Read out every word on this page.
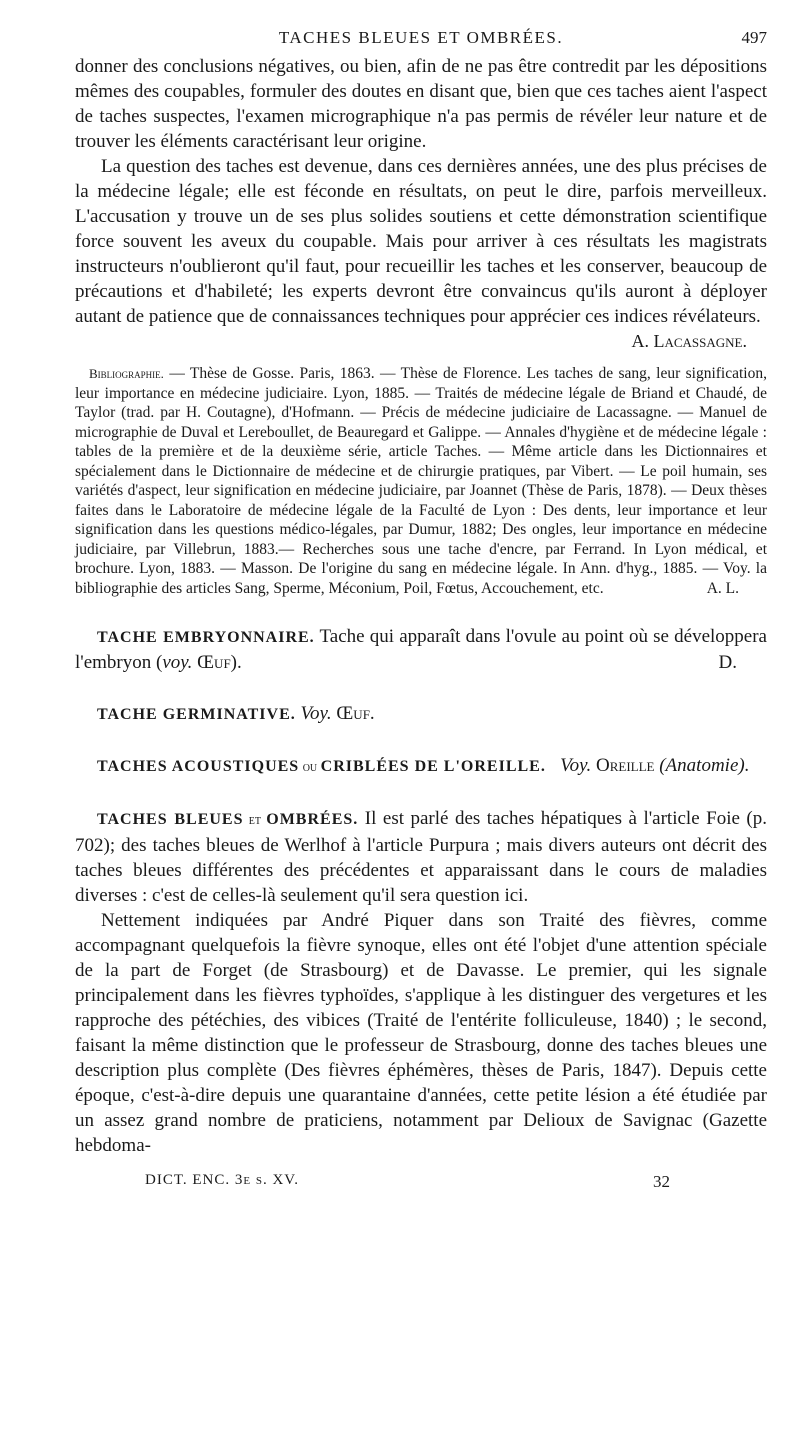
TACHES BLEUES ET OMBRÉES.	497

donner des conclusions négatives, ou bien, afin de ne pas être contredit par les dépositions mêmes des coupables, formuler des doutes en disant que, bien que ces taches aient l'aspect de taches suspectes, l'examen micrographique n'a pas permis de révéler leur nature et de trouver les éléments caractérisant leur origine.

La question des taches est devenue, dans ces dernières années, une des plus précises de la médecine légale; elle est féconde en résultats, on peut le dire, parfois merveilleux. L'accusation y trouve un de ses plus solides soutiens et cette démonstration scientifique force souvent les aveux du coupable. Mais pour arriver à ces résultats les magistrats instructeurs n'oublieront qu'il faut, pour recueillir les taches et les conserver, beaucoup de précautions et d'habileté; les experts devront être convaincus qu'ils auront à déployer autant de patience que de connaissances techniques pour apprécier ces indices révélateurs.

A. Lacassagne.

Bibliographie. — Thèse de Gosse. Paris, 1863. — Thèse de Florence. Les taches de sang, leur signification, leur importance en médecine judiciaire. Lyon, 1885. — Traités de médecine légale de Briand et Chaudé, de Taylor (trad. par H. Coutagne), d'Hofmann. — Précis de médecine judiciaire de Lacassagne. — Manuel de micrographie de Duval et Lereboullet, de Beauregard et Galippe. — Annales d'hygiène et de médecine légale : tables de la première et de la deuxième série, article Taches. — Même article dans les Dictionnaires et spécialement dans le Dictionnaire de médecine et de chirurgie pratiques, par Vibert. — Le poil humain, ses variétés d'aspect, leur signification en médecine judiciaire, par Joannet (Thèse de Paris, 1878). — Deux thèses faites dans le Laboratoire de médecine légale de la Faculté de Lyon : Des dents, leur importance et leur signification dans les questions médico-légales, par Dumur, 1882; Des ongles, leur importance en médecine judiciaire, par Villebrun, 1883.— Recherches sous une tache d'encre, par Ferrand. In Lyon médical, et brochure. Lyon, 1883. — Masson. De l'origine du sang en médecine légale. In Ann. d'hyg., 1885. — Voy. la bibliographie des articles Sang, Sperme, Méconium, Poil, Fœtus, Accouchement, etc.	A. L.

TACHE EMBRYONNAIRE. Tache qui apparaît dans l'ovule au point où se développera l'embryon (voy. Œuf).	D.

TACHE GERMINATIVE. Voy. Œuf.

TACHES ACOUSTIQUES ou CRIBLÉES DE L'OREILLE. Voy. Oreille (Anatomie).

TACHES BLEUES et OMBRÉES. Il est parlé des taches hépatiques à l'article Foie (p. 702); des taches bleues de Werlhof à l'article Purpura ; mais divers auteurs ont décrit des taches bleues différentes des précédentes et apparaissant dans le cours de maladies diverses : c'est de celles-là seulement qu'il sera question ici.

Nettement indiquées par André Piquer dans son Traité des fièvres, comme accompagnant quelquefois la fièvre synoque, elles ont été l'objet d'une attention spéciale de la part de Forget (de Strasbourg) et de Davasse. Le premier, qui les signale principalement dans les fièvres typhoïdes, s'applique à les distinguer des vergetures et les rapproche des pétéchies, des vibices (Traité de l'entérite folliculeuse, 1840) ; le second, faisant la même distinction que le professeur de Strasbourg, donne des taches bleues une description plus complète (Des fièvres éphémères, thèses de Paris, 1847). Depuis cette époque, c'est-à-dire depuis une quarantaine d'années, cette petite lésion a été étudiée par un assez grand nombre de praticiens, notamment par Delioux de Savignac (Gazette hebdoma-

DICT. ENC. 3e s. XV.	32
